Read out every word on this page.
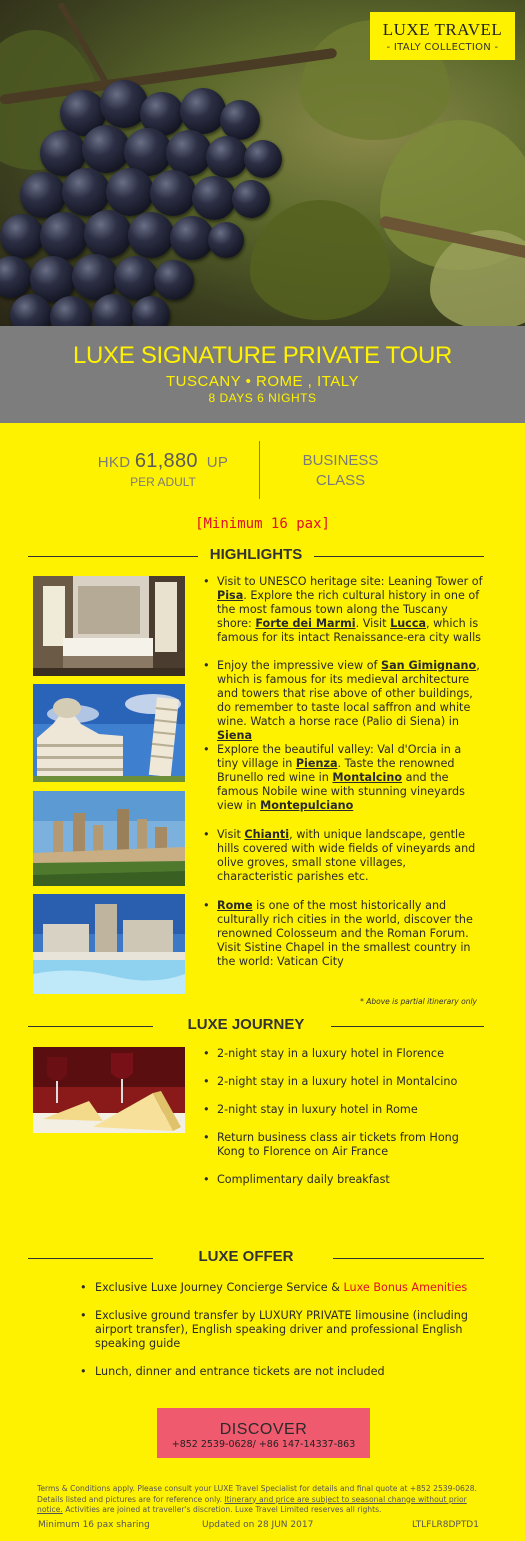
LUXE TRAVEL
- ITALY COLLECTION -
LUXE SIGNATURE PRIVATE TOUR
TUSCANY • ROME , ITALY
8 DAYS 6 NIGHTS
HKD 61,880 UP
PER ADULT
BUSINESS
CLASS
[Minimum 16 pax]
HIGHLIGHTS
• Visit to UNESCO heritage site: Leaning Tower of Pisa. Explore the rich cultural history in one of the most famous town along the Tuscany shore: Forte dei Marmi. Visit Lucca, which is famous for its intact Renaissance-era city walls
• Enjoy the impressive view of San Gimignano, which is famous for its medieval architecture and towers that rise above of other buildings, do remember to taste local saffron and white wine. Watch a horse race (Palio di Siena) in Siena
• Explore the beautiful valley: Val d'Orcia in a tiny village in Pienza. Taste the renowned Brunello red wine in Montalcino and the famous Nobile wine with stunning vineyards view in Montepulciano
• Visit Chianti, with unique landscape, gentle hills covered with wide fields of vineyards and olive groves, small stone villages, characteristic parishes etc.
• Rome is one of the most historically and culturally rich cities in the world, discover the renowned Colosseum and the Roman Forum. Visit Sistine Chapel in the smallest country in the world: Vatican City
* Above is partial itinerary only
LUXE JOURNEY
• 2-night stay in a luxury hotel in Florence
• 2-night stay in a luxury hotel in Montalcino
• 2-night stay in luxury hotel in Rome
• Return business class air tickets from Hong Kong to Florence on Air France
• Complimentary daily breakfast
LUXE OFFER
• Exclusive Luxe Journey Concierge Service & Luxe Bonus Amenities
• Exclusive ground transfer by LUXURY PRIVATE limousine (including airport transfer), English speaking driver and professional English speaking guide
• Lunch, dinner and entrance tickets are not included
DISCOVER
+852 2539-0628/ +86 147-14337-863
Terms & Conditions apply. Please consult your LUXE Travel Specialist for details and final quote at +852 2539-0628. Details listed and pictures are for reference only. Itinerary and price are subject to seasonal change without prior notice. Activities are joined at traveller's discretion. Luxe Travel Limited reserves all rights.
Minimum 16 pax sharing	Updated on 28 JUN 2017	LTLFLR8DPTD1
